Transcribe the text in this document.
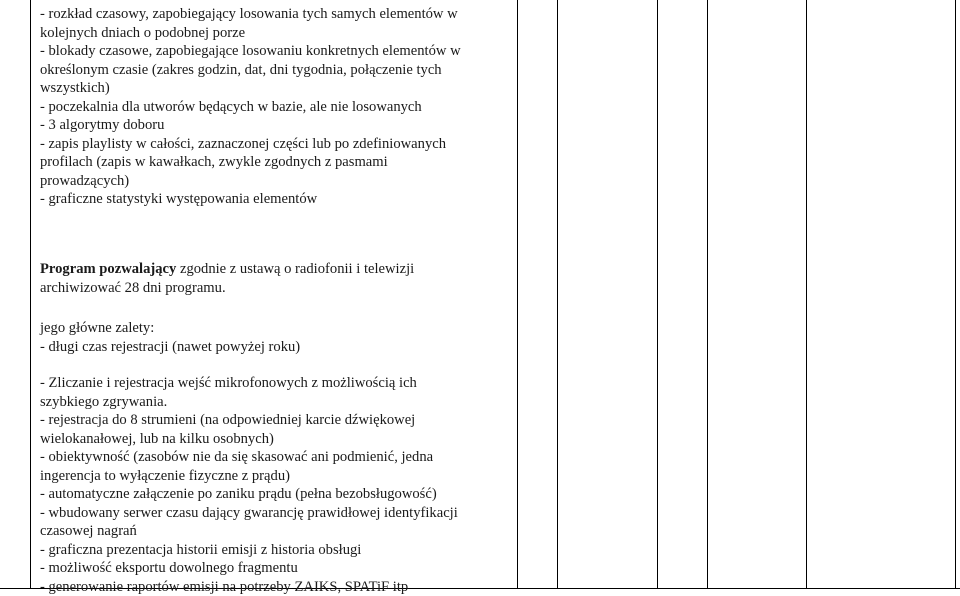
- rozkład czasowy, zapobiegający losowania tych samych elementów w

kolejnych dniach o podobnej porze

- blokady czasowe, zapobiegające losowaniu konkretnych elementów w

określonym czasie (zakres godzin, dat, dni tygodnia, połączenie tych

wszystkich)

- poczekalnia dla utworów będących w bazie, ale nie losowanych

- 3 algorytmy doboru

- zapis playlisty w całości, zaznaczonej części lub po zdefiniowanych

profilach (zapis w kawałkach, zwykle zgodnych z pasmami

prowadzących)

- graficzne statystyki występowania elementów

Program pozwalający zgodnie z ustawą o radiofonii i telewizji

archiwizować 28 dni programu.

jego główne zalety:

- długi czas rejestracji (nawet powyżej roku)

- Zliczanie i rejestracja wejść mikrofonowych z możliwością ich

szybkiego zgrywania.

- rejestracja do 8 strumieni (na odpowiedniej karcie dźwiękowej

wielokanałowej, lub na kilku osobnych)

- obiektywność (zasobów nie da się skasować ani podmienić, jedna

ingerencja to wyłączenie fizyczne z prądu)

- automatyczne załączenie po zaniku prądu (pełna bezobsługowość)

- wbudowany serwer czasu dający gwarancję prawidłowej identyfikacji

czasowej nagrań

- graficzna prezentacja historii emisji z historia obsługi

- możliwość eksportu dowolnego fragmentu

- generowanie raportów emisji na potrzeby ZAIKS, SPATiF itp
